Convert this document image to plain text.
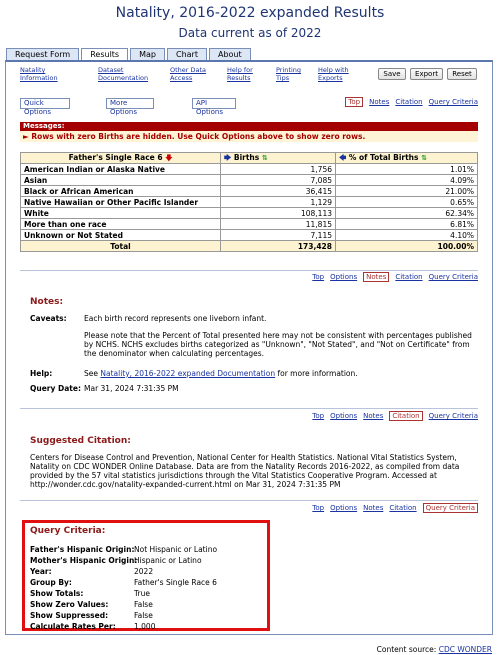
Natality, 2016-2022 expanded Results
Data current as of 2022
Request Form	Results	Map	Chart	About
Natality
Information
Dataset
Documentation
Other Data
Access
Help for
Results
Printing
Tips
Help with
Exports	Save	Export	Reset
Quick Options
More Options
API Options
Top Notes Citation Query Criteria
Messages:
► Rows with zero Births are hidden. Use Quick Options above to show zero rows.
Father's Single Race 6 🡇	🡆 Births ⇅	🡄 % of Total Births ⇅
American Indian or Alaska Native	1,756	1.01%
Asian	7,085	4.09%
Black or African American	36,415	21.00%
Native Hawaiian or Other Pacific Islander	1,129	0.65%
White	108,113	62.34%
More than one race	11,815	6.81%
Unknown or Not Stated	7,115	4.10%
Total	173,428	100.00%
Top Options Notes Citation Query Criteria
Notes:
Caveats: Each birth record represents one liveborn infant.
Please note that the Percent of Total presented here may not be consistent with percentages published by NCHS. NCHS excludes births categorized as "Unknown", "Not Stated", and "Not on Certificate" from the denominator when calculating percentages.
Help:	See Natality, 2016-2022 expanded Documentation for more information.
Query Date: Mar 31, 2024 7:31:35 PM
Top Options Notes Citation Query Criteria
Suggested Citation:
Centers for Disease Control and Prevention, National Center for Health Statistics. National Vital Statistics System, Natality on CDC WONDER Online Database. Data are from the Natality Records 2016-2022, as compiled from data provided by the 57 vital statistics jurisdictions through the Vital Statistics Cooperative Program. Accessed at http://wonder.cdc.gov/natality-expanded-current.html on Mar 31, 2024 7:31:35 PM
Top Options Notes Citation Query Criteria
Query Criteria:
Father's Hispanic Origin: Not Hispanic or Latino
Mother's Hispanic Origin:
Hispanic or Latino
Year:	2022
Group By:	Father's Single Race 6
Show Totals:	True
Show Zero Values:	False
Show Suppressed:	False
Calculate Rates Per: 1,000
Content source: CDC WONDER
